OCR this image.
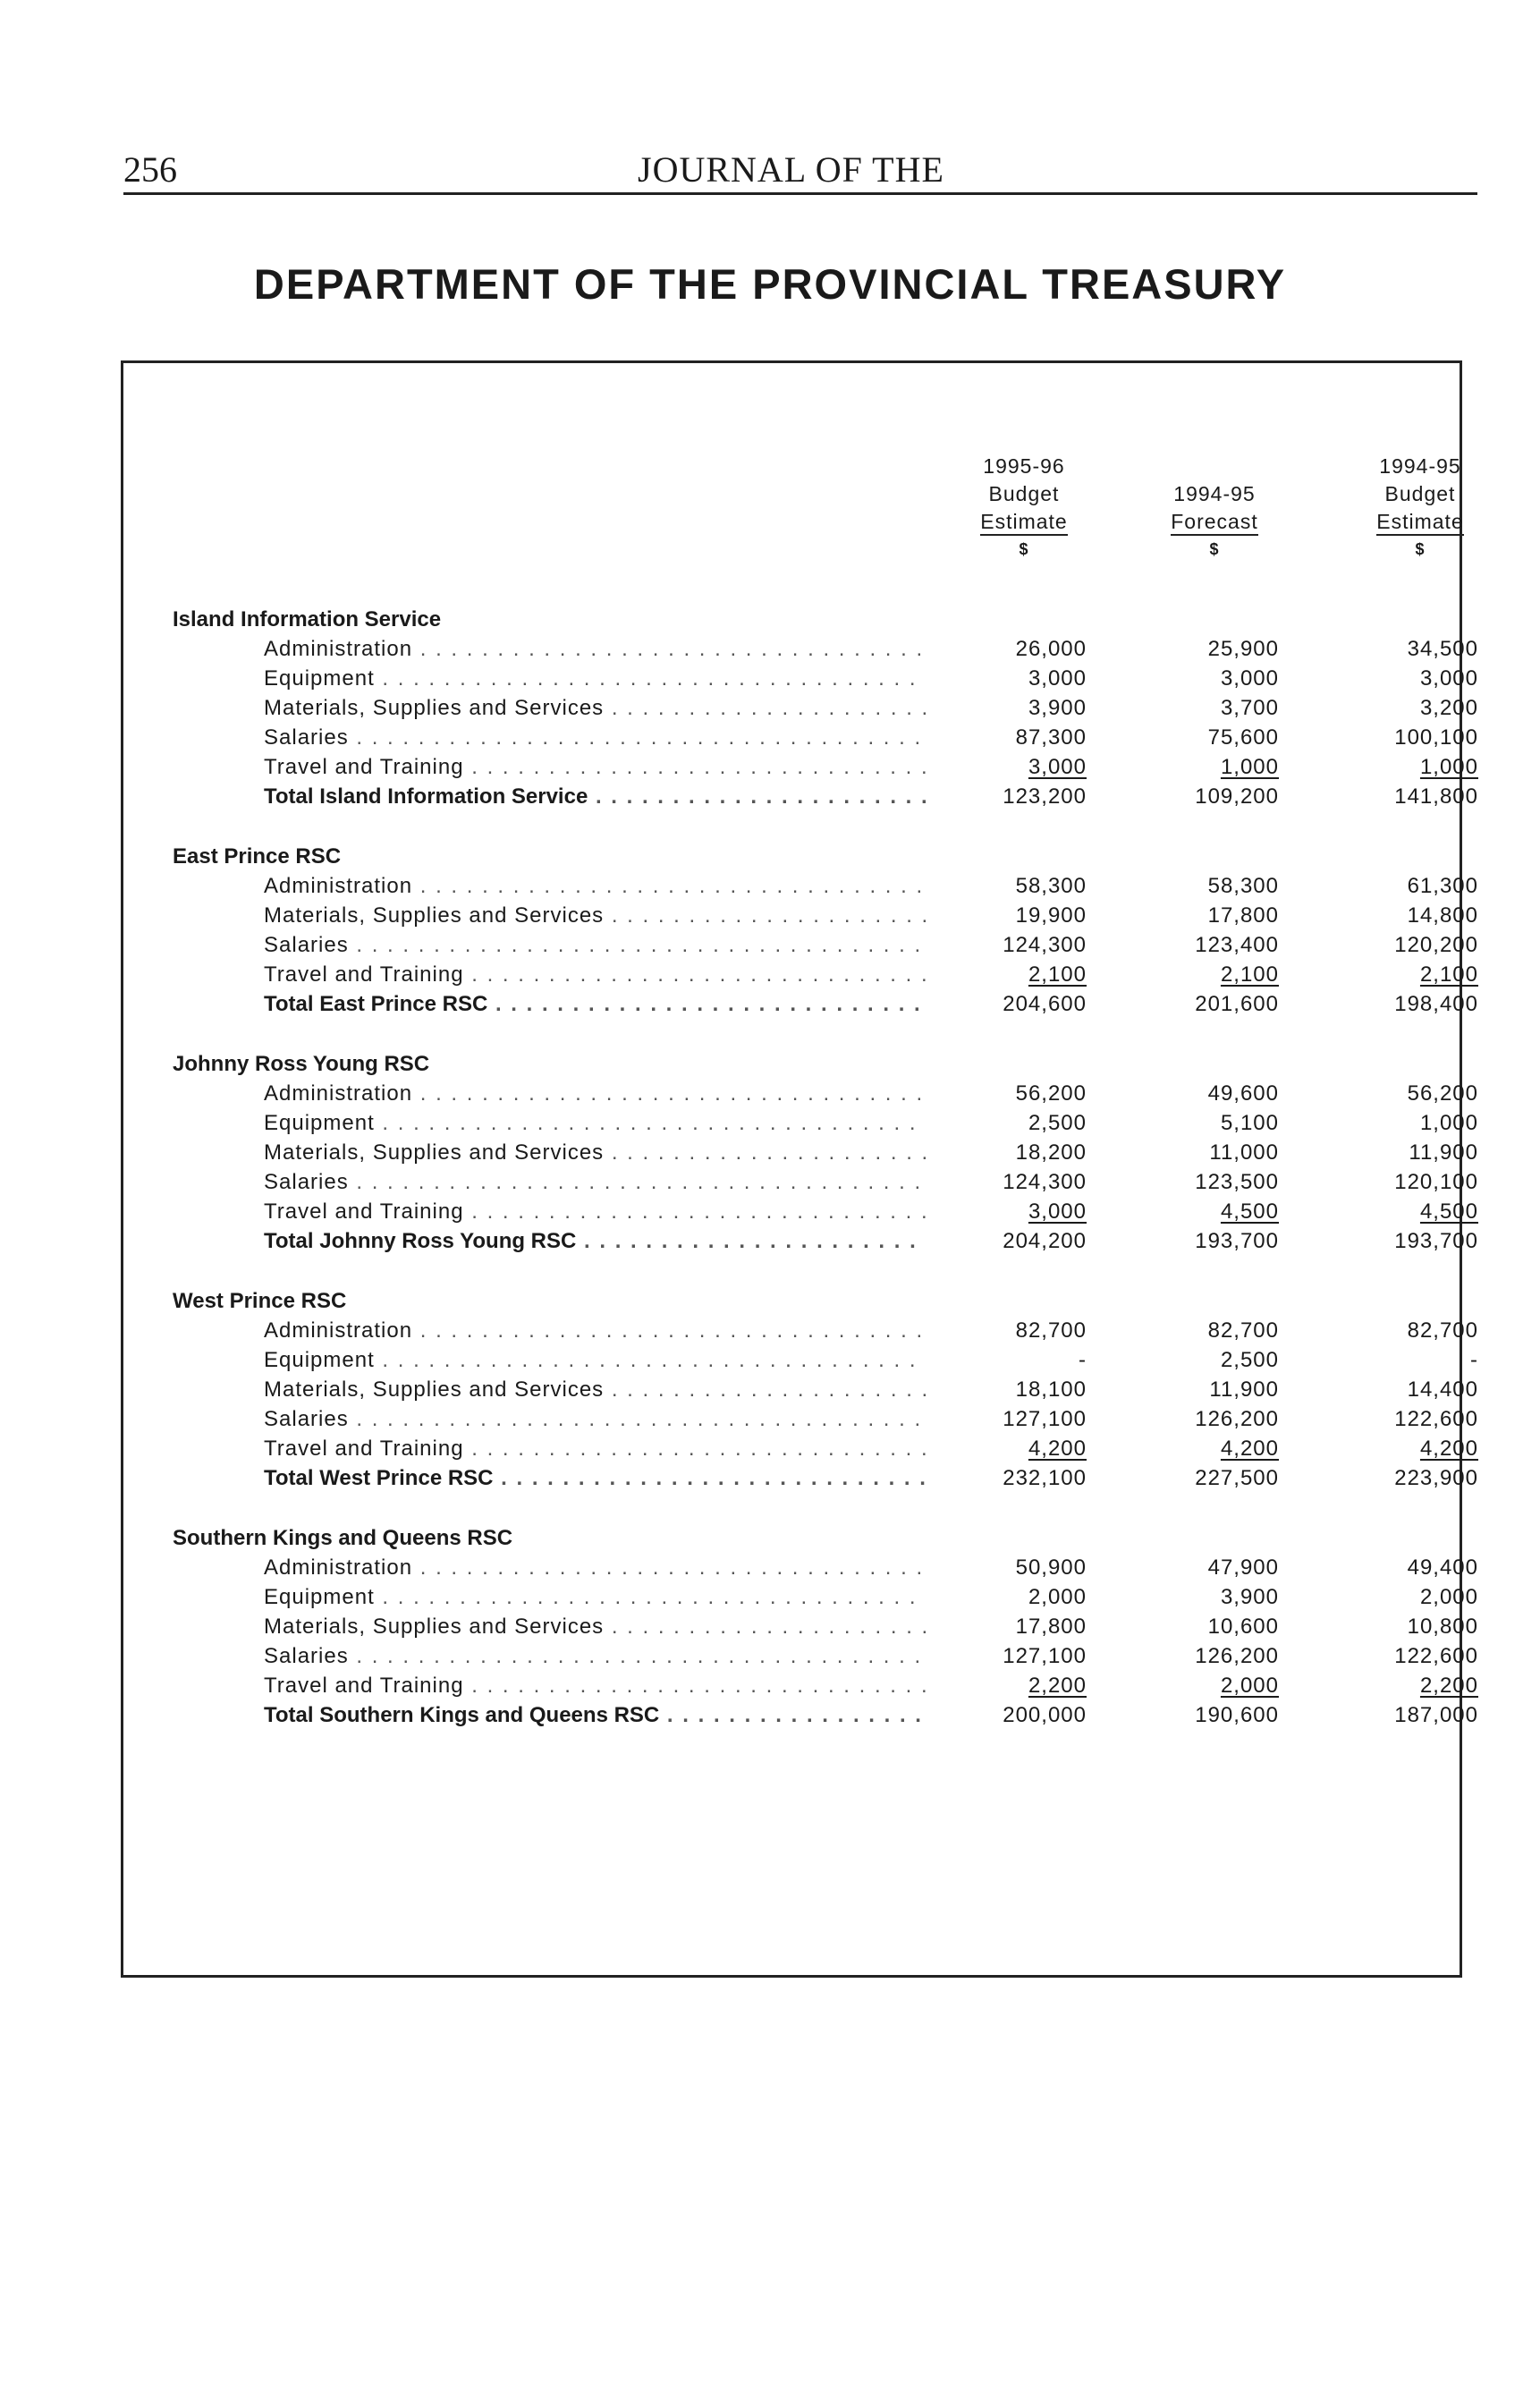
256	JOURNAL OF THE
DEPARTMENT OF THE PROVINCIAL TREASURY
1995-96
Budget
Estimate
$
1994-95
Forecast
$
1994-95
Budget
Estimate
$
Island Information Service
Administration . . .	26,000	25,900	34,500
Equipment . . .	3,000	3,000	3,000
Materials, Supplies and Services . . .	3,900	3,700	3,200
Salaries . . .	87,300	75,600	100,100
Travel and Training . . .	3,000	1,000	1,000
Total Island Information Service . . .	123,200	109,200	141,800
East Prince RSC
Administration . . .	58,300	58,300	61,300
Materials, Supplies and Services . . .	19,900	17,800	14,800
Salaries . . .	124,300	123,400	120,200
Travel and Training . . .	2,100	2,100	2,100
Total East Prince RSC . . .	204,600	201,600	198,400
Johnny Ross Young RSC
Administration . . .	56,200	49,600	56,200
Equipment . . .	2,500	5,100	1,000
Materials, Supplies and Services . . .	18,200	11,000	11,900
Salaries . . .	124,300	123,500	120,100
Travel and Training . . .	3,000	4,500	4,500
Total Johnny Ross Young RSC . . .	204,200	193,700	193,700
West Prince RSC
Administration . . .	82,700	82,700	82,700
Equipment . . .	-	2,500	-
Materials, Supplies and Services . . .	18,100	11,900	14,400
Salaries . . .	127,100	126,200	122,600
Travel and Training . . .	4,200	4,200	4,200
Total West Prince RSC . . .	232,100	227,500	223,900
Southern Kings and Queens RSC
Administration . . .	50,900	47,900	49,400
Equipment . . .	2,000	3,900	2,000
Materials, Supplies and Services . . .	17,800	10,600	10,800
Salaries . . .	127,100	126,200	122,600
Travel and Training . . .	2,200	2,000	2,200
Total Southern Kings and Queens RSC . . .	200,000	190,600	187,000
